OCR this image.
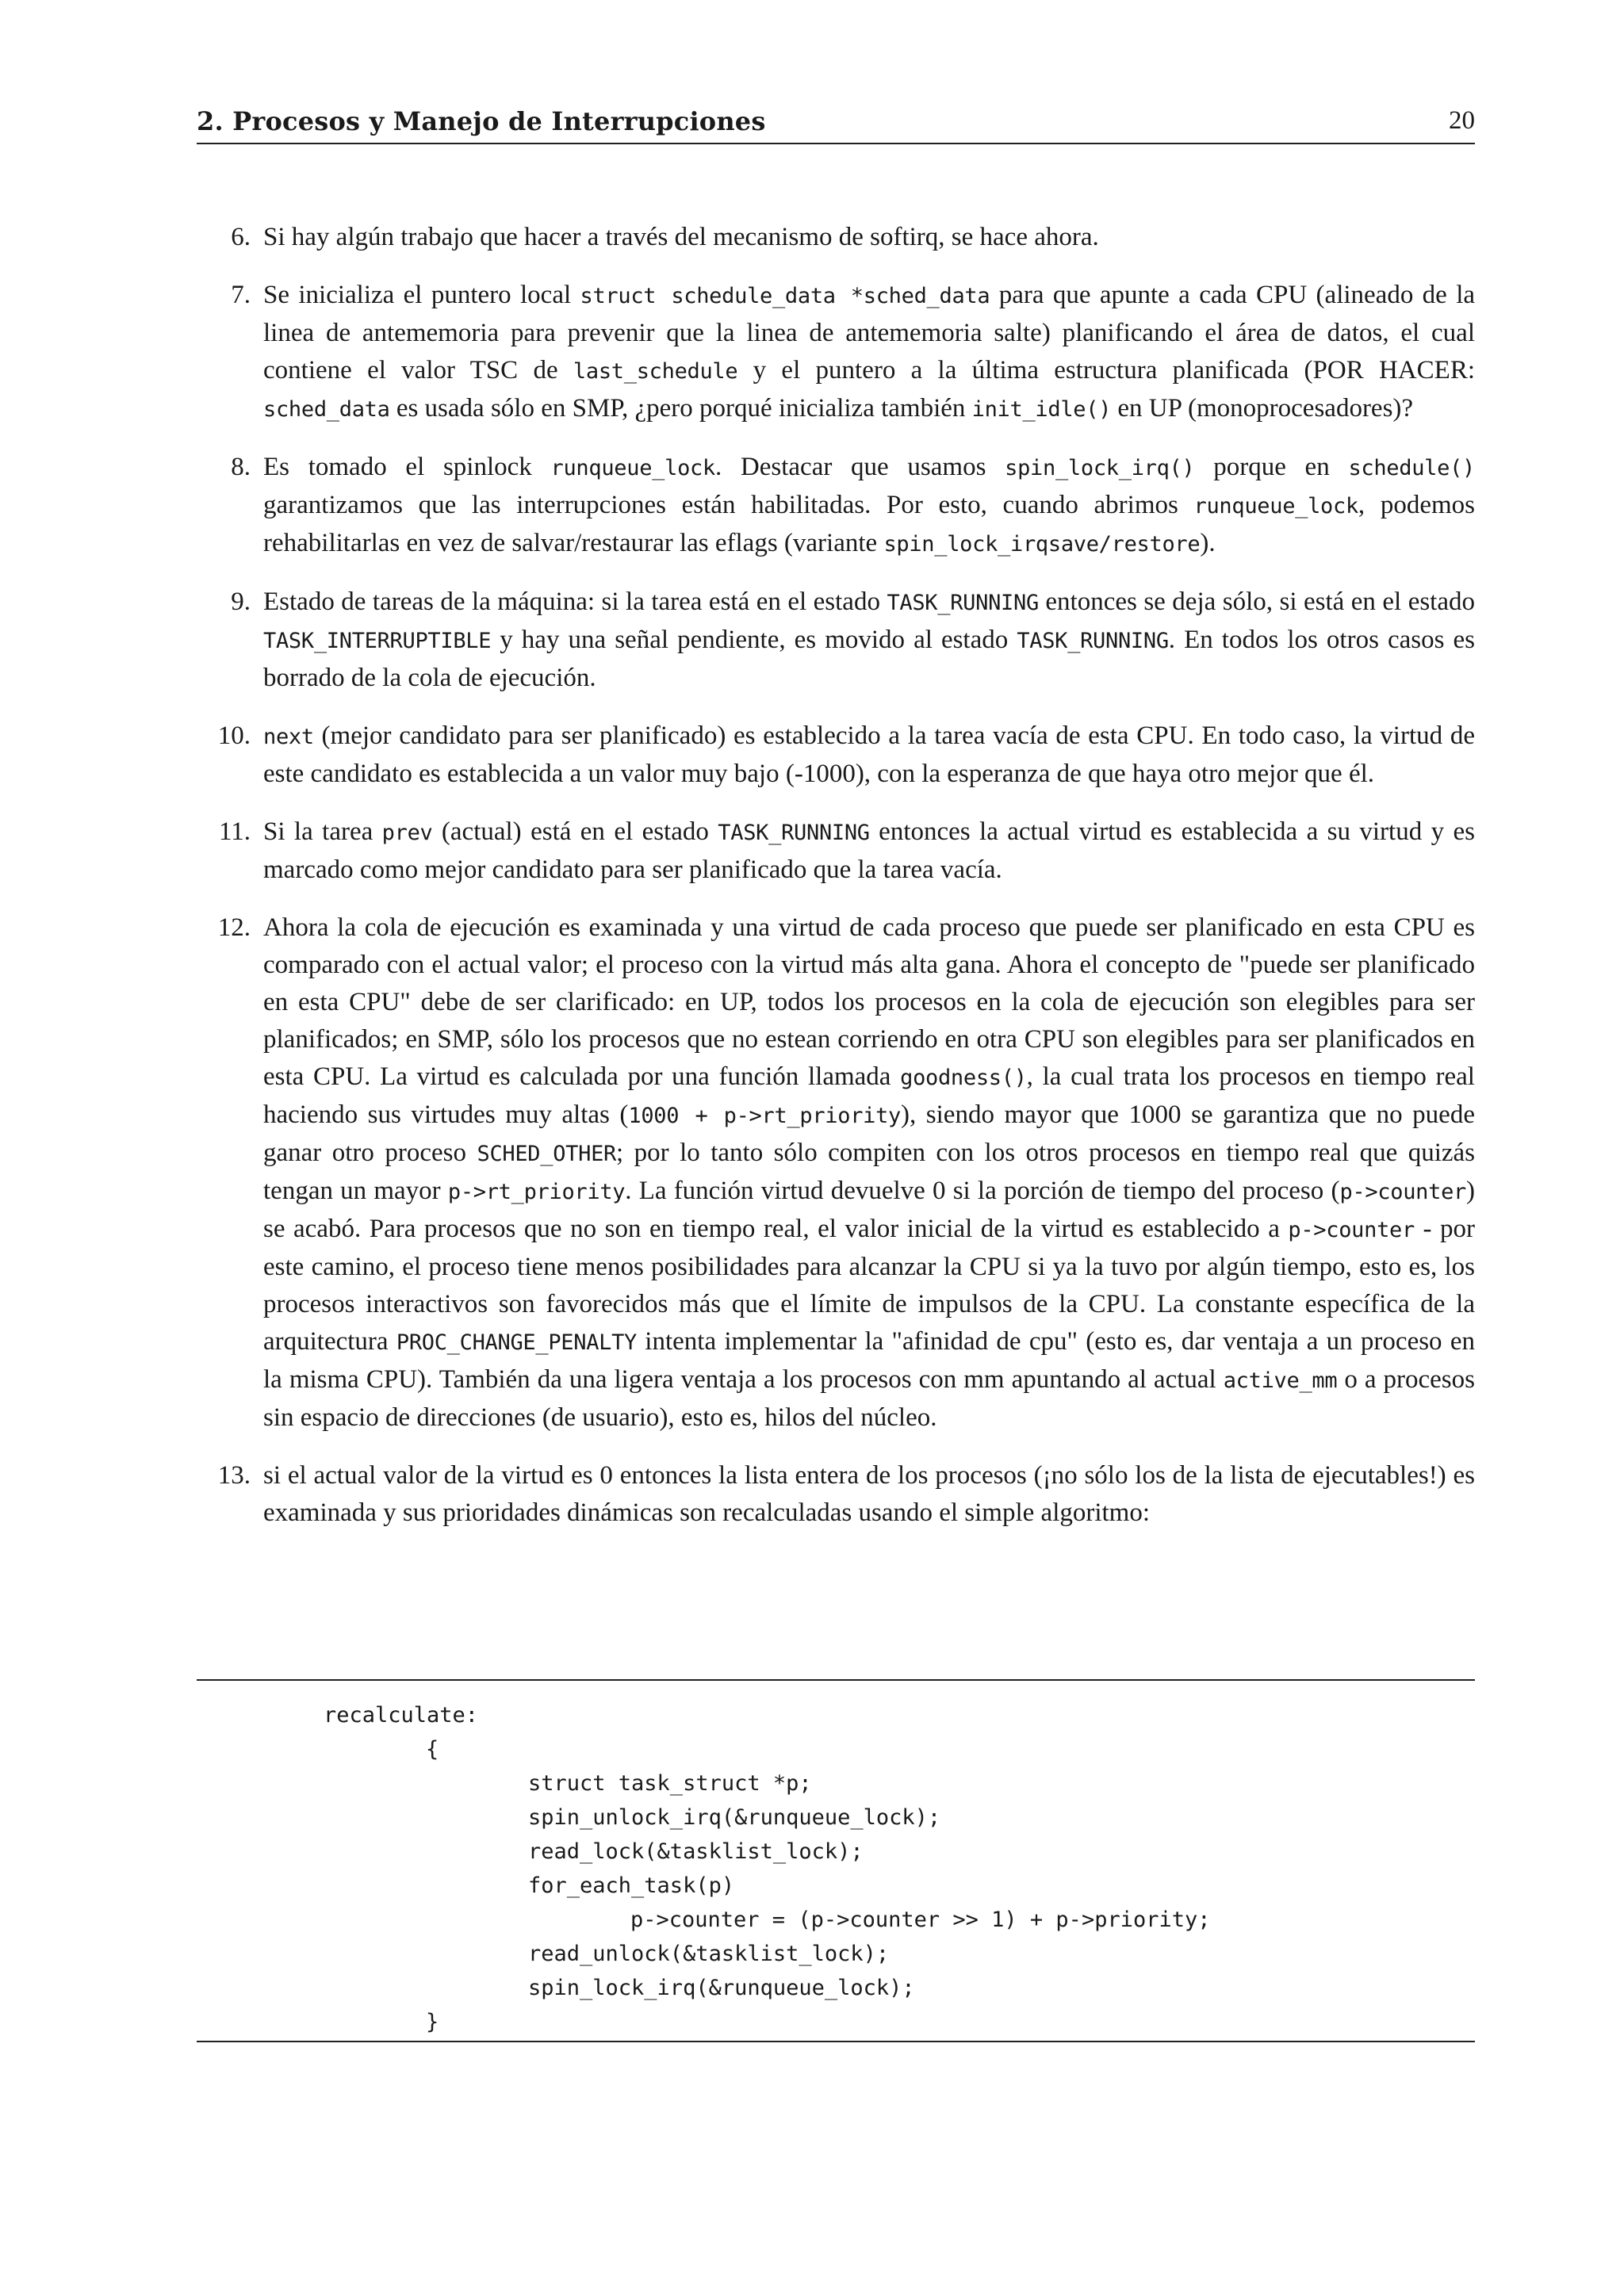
2. Procesos y Manejo de Interrupciones	20
6. Si hay algún trabajo que hacer a través del mecanismo de softirq, se hace ahora.

7. Se inicializa el puntero local struct schedule_data *sched_data para que apunte a cada CPU (alineado de la linea de antememoria para prevenir que la linea de antememoria salte) planificando el área de datos, el cual contiene el valor TSC de last_schedule y el puntero a la última estructura planificada (POR HACER: sched_data es usada sólo en SMP, ¿pero porqué inicializa también init_idle() en UP (monoprocesadores)?

8. Es tomado el spinlock runqueue_lock. Destacar que usamos spin_lock_irq() porque en schedule() garantizamos que las interrupciones están habilitadas. Por esto, cuando abrimos runqueue_lock, podemos rehabilitarlas en vez de salvar/restaurar las eflags (variante spin_lock_irqsave/restore).

9. Estado de tareas de la máquina: si la tarea está en el estado TASK_RUNNING entonces se deja sólo, si está en el estado TASK_INTERRUPTIBLE y hay una señal pendiente, es movido al estado TASK_RUNNING. En todos los otros casos es borrado de la cola de ejecución.

10. next (mejor candidato para ser planificado) es establecido a la tarea vacía de esta CPU. En todo caso, la virtud de este candidato es establecida a un valor muy bajo (-1000), con la esperanza de que haya otro mejor que él.

11. Si la tarea prev (actual) está en el estado TASK_RUNNING entonces la actual virtud es establecida a su virtud y es marcado como mejor candidato para ser planificado que la tarea vacía.

12. Ahora la cola de ejecución es examinada y una virtud de cada proceso que puede ser planificado en esta CPU es comparado con el actual valor; el proceso con la virtud más alta gana. Ahora el concepto de "puede ser planificado en esta CPU" debe de ser clarificado: en UP, todos los procesos en la cola de ejecución son elegibles para ser planificados; en SMP, sólo los procesos que no estean corriendo en otra CPU son elegibles para ser planificados en esta CPU. La virtud es calculada por una función llamada goodness(), la cual trata los procesos en tiempo real haciendo sus virtudes muy altas (1000 + p->rt_priority), siendo mayor que 1000 se garantiza que no puede ganar otro proceso SCHED_OTHER; por lo tanto sólo compiten con los otros procesos en tiempo real que quizás tengan un mayor p->rt_priority. La función virtud devuelve 0 si la porción de tiempo del proceso (p->counter) se acabó. Para procesos que no son en tiempo real, el valor inicial de la virtud es establecido a p->counter - por este camino, el proceso tiene menos posibilidades para alcanzar la CPU si ya la tuvo por algún tiempo, esto es, los procesos interactivos son favorecidos más que el límite de impulsos de la CPU. La constante específica de la arquitectura PROC_CHANGE_PENALTY intenta implementar la "afinidad de cpu" (esto es, dar ventaja a un proceso en la misma CPU). También da una ligera ventaja a los procesos con mm apuntando al actual active_mm o a procesos sin espacio de direcciones (de usuario), esto es, hilos del núcleo.

13. si el actual valor de la virtud es 0 entonces la lista entera de los procesos (¡no sólo los de la lista de ejecutables!) es examinada y sus prioridades dinámicas son recalculadas usando el simple algoritmo:

recalculate:
{
struct task_struct *p;
spin_unlock_irq(&runqueue_lock);
read_lock(&tasklist_lock);
for_each_task(p)
p->counter = (p->counter >> 1) + p->priority;
read_unlock(&tasklist_lock);
spin_lock_irq(&runqueue_lock);
}
